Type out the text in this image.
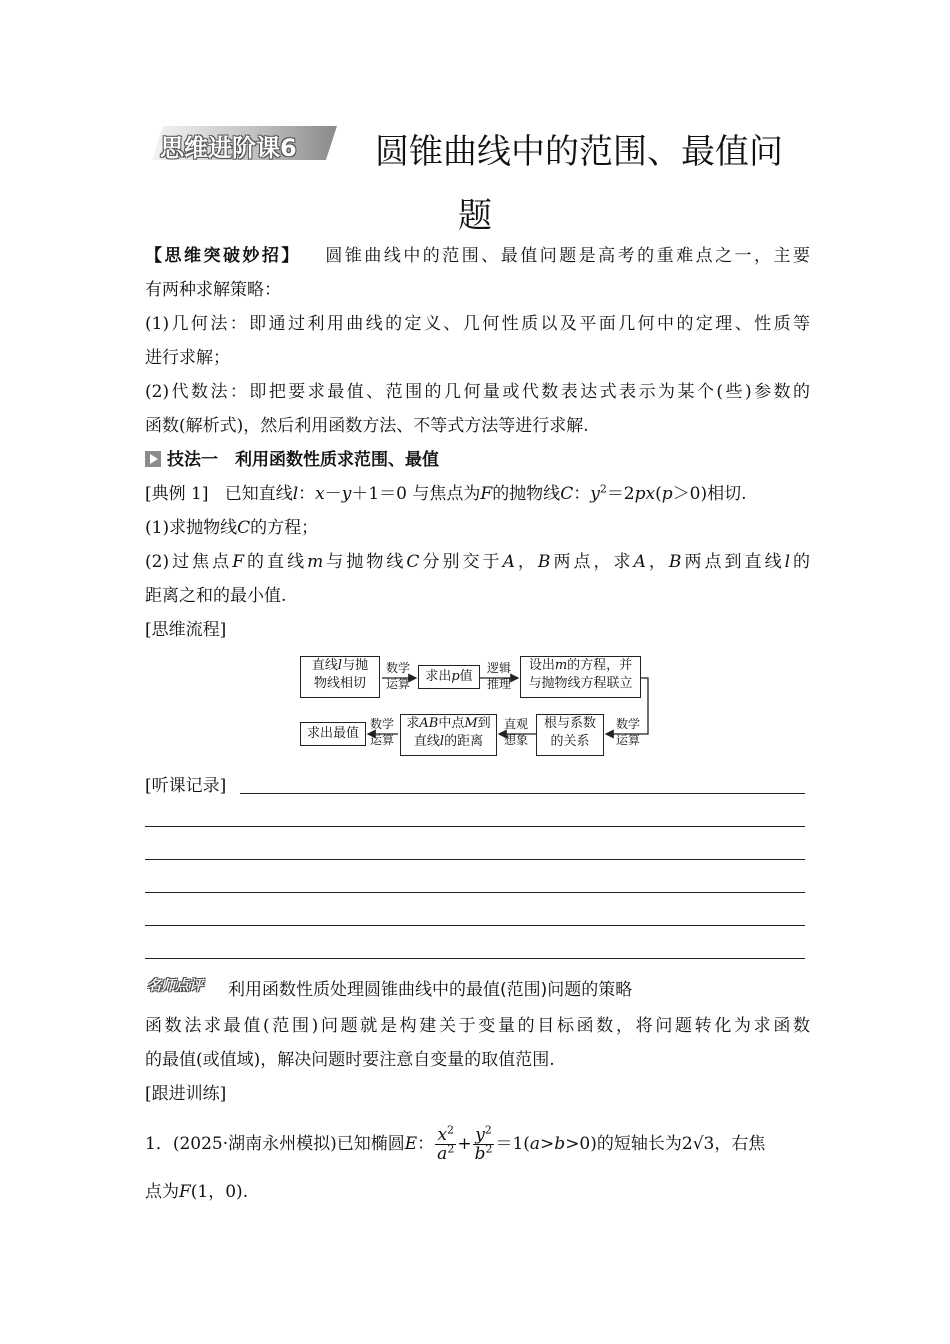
思维进阶课6 圆锥曲线中的范围、最值问
题
【思维突破妙招】 圆锥曲线中的范围、最值问题是高考的重难点之一，主要
有两种求解策略：
(1)几何法：即通过利用曲线的定义、几何性质以及平面几何中的定理、性质等
进行求解；
(2)代数法：即把要求最值、范围的几何量或代数表达式表示为某个(些)参数的
函数(解析式)，然后利用函数方法、不等式方法等进行求解.
技法一　利用函数性质求范围、最值
[典例 1] 已知直线l：x－y＋1＝0 与焦点为F的抛物线C：$y^2=2px(p>0)$相切.
(1)求抛物线C的方程；
(2)过焦点F的直线m与抛物线C分别交于A，B两点，求A，B两点到直线l的
距离之和的最小值.
[思维流程]
直线l与抛
物线相切
数学
运算	求出p值
逻辑
推理
设出m的方程，并
与抛物线方程联立
数学
运算
根与系数
的关系
直观
想象
求AB中点M到
直线l的距离
数学
运算
求出最值
[听课记录]
名师点评 利用函数性质处理圆锥曲线中的最值(范围)问题的策略
函数法求最值(范围)问题就是构建关于变量的目标函数，将问题转化为求函数
的最值(或值域)，解决问题时要注意自变量的取值范围.
[跟进训练]
1．(2025·湖南永州模拟)已知椭圆E： $\frac{x^2}{a^2} + \frac{y^2}{b^2} =1(a>b>0)$的短轴长为2√3，右焦
点为F(1，0).
